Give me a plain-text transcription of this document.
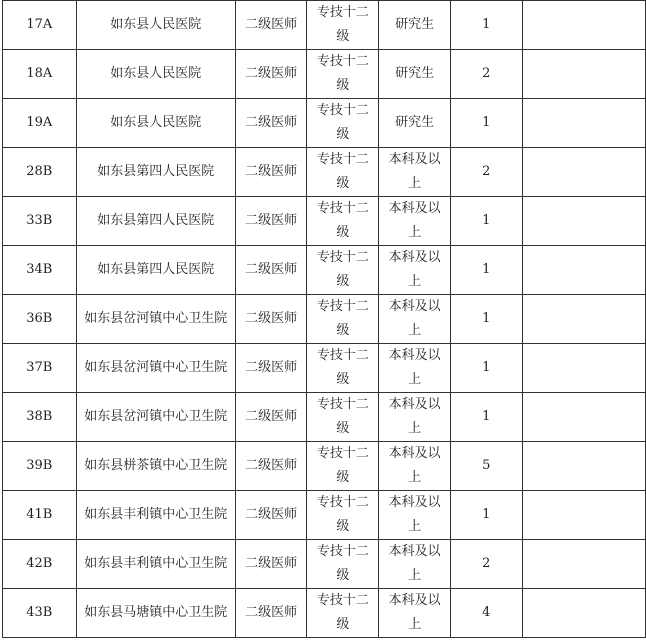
17A	如东县人民医院	二级医师	专技十二级	研究生	1	

18A	如东县人民医院	二级医师	专技十二级	研究生	2	

19A	如东县人民医院	二级医师	专技十二级	研究生	1	

28B	如东县第四人民医院	二级医师	专技十二级	本科及以上	2	

33B	如东县第四人民医院	二级医师	专技十二级	本科及以上	1	

34B	如东县第四人民医院	二级医师	专技十二级	本科及以上	1	

36B	如东县岔河镇中心卫生院	二级医师	专技十二级	本科及以上	1	

37B	如东县岔河镇中心卫生院	二级医师	专技十二级	本科及以上	1	

38B	如东县岔河镇中心卫生院	二级医师	专技十二级	本科及以上	1	

39B	如东县栟茶镇中心卫生院	二级医师	专技十二级	本科及以上	5	

41B	如东县丰利镇中心卫生院	二级医师	专技十二级	本科及以上	1	

42B	如东县丰利镇中心卫生院	二级医师	专技十二级	本科及以上	2	

43B	如东县马塘镇中心卫生院	二级医师	专技十二级	本科及以上	4	
